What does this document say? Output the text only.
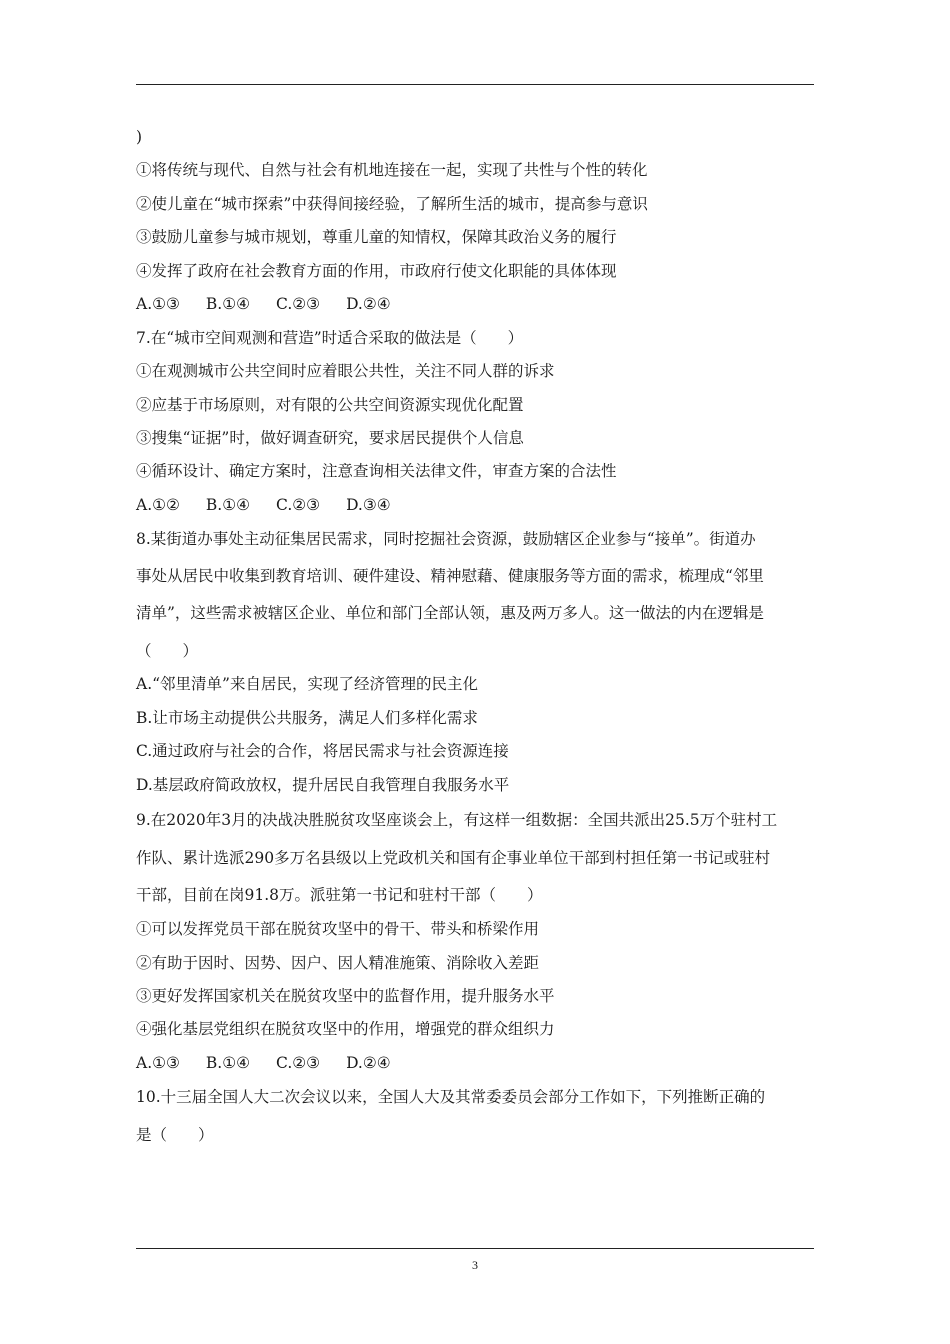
)
①将传统与现代、自然与社会有机地连接在一起，实现了共性与个性的转化
②使儿童在“城市探索”中获得间接经验，了解所生活的城市，提高参与意识
③鼓励儿童参与城市规划，尊重儿童的知情权，保障其政治义务的履行
④发挥了政府在社会教育方面的作用，市政府行使文化职能的具体体现
A.①③ B.①④ C.②③ D.②④
7.在“城市空间观测和营造”时适合采取的做法是（　　）
①在观测城市公共空间时应着眼公共性，关注不同人群的诉求
②应基于市场原则，对有限的公共空间资源实现优化配置
③搜集“证据”时，做好调查研究，要求居民提供个人信息
④循环设计、确定方案时，注意查询相关法律文件，审查方案的合法性
A.①② B.①④ C.②③ D.③④
8.某街道办事处主动征集居民需求，同时挖掘社会资源，鼓励辖区企业参与“接单”。街道办
事处从居民中收集到教育培训、硬件建设、精神慰藉、健康服务等方面的需求，梳理成“邻里
清单”，这些需求被辖区企业、单位和部门全部认领，惠及两万多人。这一做法的内在逻辑是
（　　）
A.“邻里清单”来自居民，实现了经济管理的民主化
B.让市场主动提供公共服务，满足人们多样化需求
C.通过政府与社会的合作，将居民需求与社会资源连接
D.基层政府简政放权，提升居民自我管理自我服务水平
9.在2020年3月的决战决胜脱贫攻坚座谈会上，有这样一组数据：全国共派出25.5万个驻村工
作队、累计选派290多万名县级以上党政机关和国有企事业单位干部到村担任第一书记或驻村
干部，目前在岗91.8万。派驻第一书记和驻村干部（　　）
①可以发挥党员干部在脱贫攻坚中的骨干、带头和桥梁作用
②有助于因时、因势、因户、因人精准施策、消除收入差距
③更好发挥国家机关在脱贫攻坚中的监督作用，提升服务水平
④强化基层党组织在脱贫攻坚中的作用，增强党的群众组织力
A.①③ B.①④ C.②③ D.②④
10.十三届全国人大二次会议以来，全国人大及其常委委员会部分工作如下，下列推断正确的
是（　　）
3
